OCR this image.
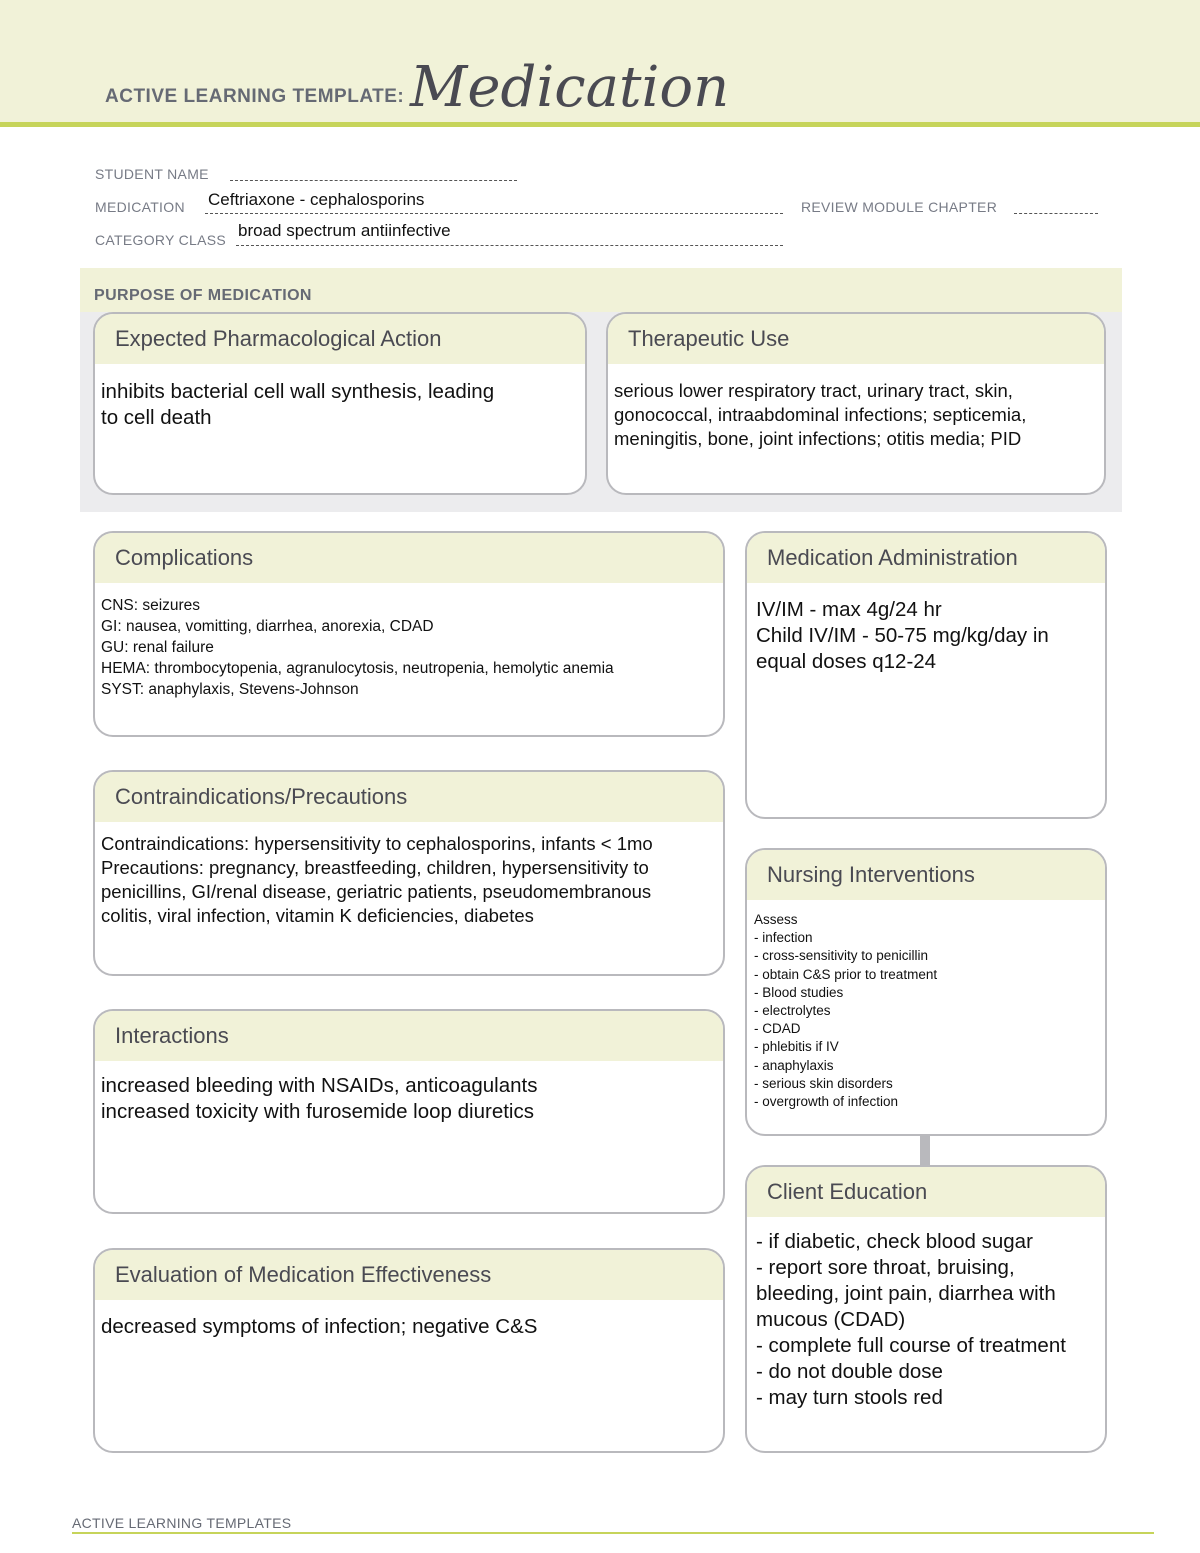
ACTIVE LEARNING TEMPLATE: Medication
STUDENT NAME
MEDICATION Ceftriaxone - cephalosporins	REVIEW MODULE CHAPTER
CATEGORY CLASS broad spectrum antiinfective
PURPOSE OF MEDICATION
Expected Pharmacological Action
inhibits bacterial cell wall synthesis, leading
to cell death
Therapeutic Use
serious lower respiratory tract, urinary tract, skin,
gonococcal, intraabdominal infections; septicemia,
meningitis, bone, joint infections; otitis media; PID
Complications
CNS: seizures
GI: nausea, vomitting, diarrhea, anorexia, CDAD
GU: renal failure
HEMA: thrombocytopenia, agranulocytosis, neutropenia, hemolytic anemia
SYST: anaphylaxis, Stevens-Johnson
Contraindications/Precautions
Contraindications: hypersensitivity to cephalosporins, infants < 1mo
Precautions: pregnancy, breastfeeding, children, hypersensitivity to
penicillins, GI/renal disease, geriatric patients, pseudomembranous
colitis, viral infection, vitamin K deficiencies, diabetes
Interactions
increased bleeding with NSAIDs, anticoagulants
increased toxicity with furosemide loop diuretics
Evaluation of Medication Effectiveness
decreased symptoms of infection; negative C&S
Medication Administration
IV/IM - max 4g/24 hr
Child IV/IM - 50-75 mg/kg/day in
equal doses q12-24
Nursing Interventions
Assess
- infection
- cross-sensitivity to penicillin
- obtain C&S prior to treatment
- Blood studies
- electrolytes
- CDAD
- phlebitis if IV
- anaphylaxis
- serious skin disorders
- overgrowth of infection
Client Education
- if diabetic, check blood sugar
- report sore throat, bruising,
bleeding, joint pain, diarrhea with
mucous (CDAD)
- complete full course of treatment
- do not double dose
- may turn stools red
ACTIVE LEARNING TEMPLATES
